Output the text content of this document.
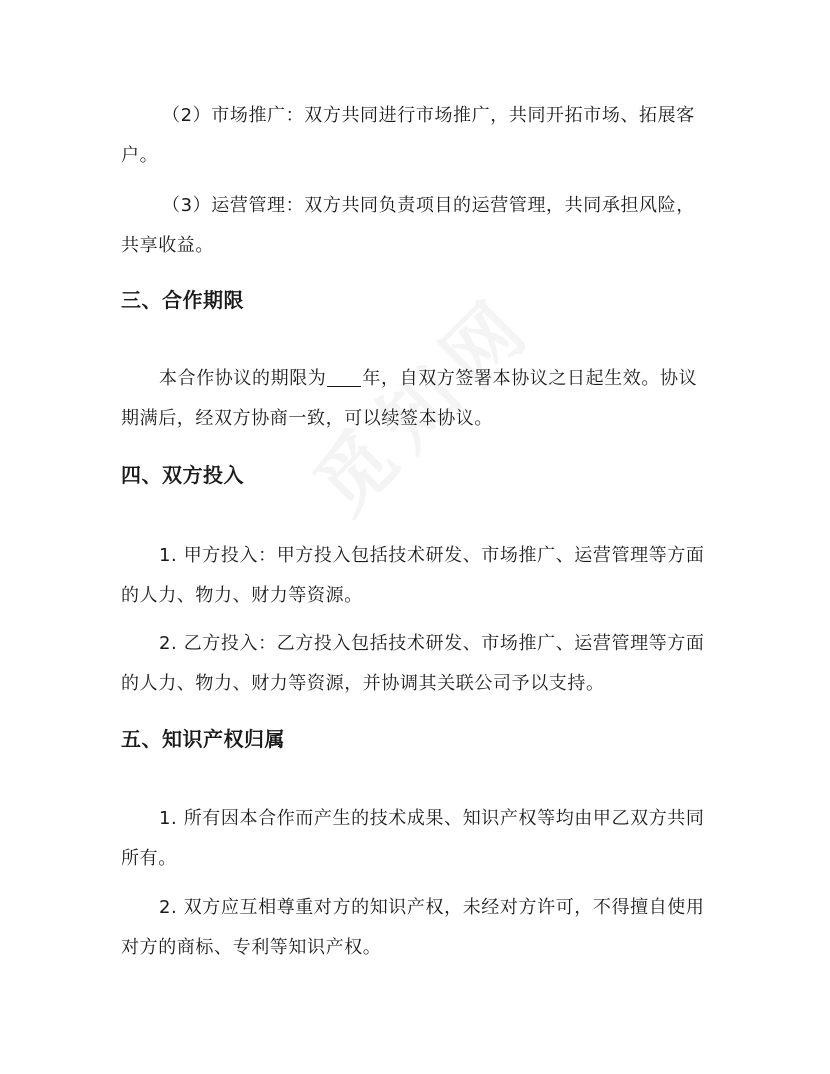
（2）市场推广：双方共同进行市场推广，共同开拓市场、拓展客户。

（3）运营管理：双方共同负责项目的运营管理，共同承担风险，共享收益。

三、合作期限

本合作协议的期限为 年，自双方签署本协议之日起生效。协议期满后，经双方协商一致，可以续签本协议。

四、双方投入

1. 甲方投入：甲方投入包括技术研发、市场推广、运营管理等方面的人力、物力、财力等资源。

2. 乙方投入：乙方投入包括技术研发、市场推广、运营管理等方面的人力、物力、财力等资源，并协调其关联公司予以支持。

五、知识产权归属

1. 所有因本合作而产生的技术成果、知识产权等均由甲乙双方共同所有。

2. 双方应互相尊重对方的知识产权，未经对方许可，不得擅自使用对方的商标、专利等知识产权。
